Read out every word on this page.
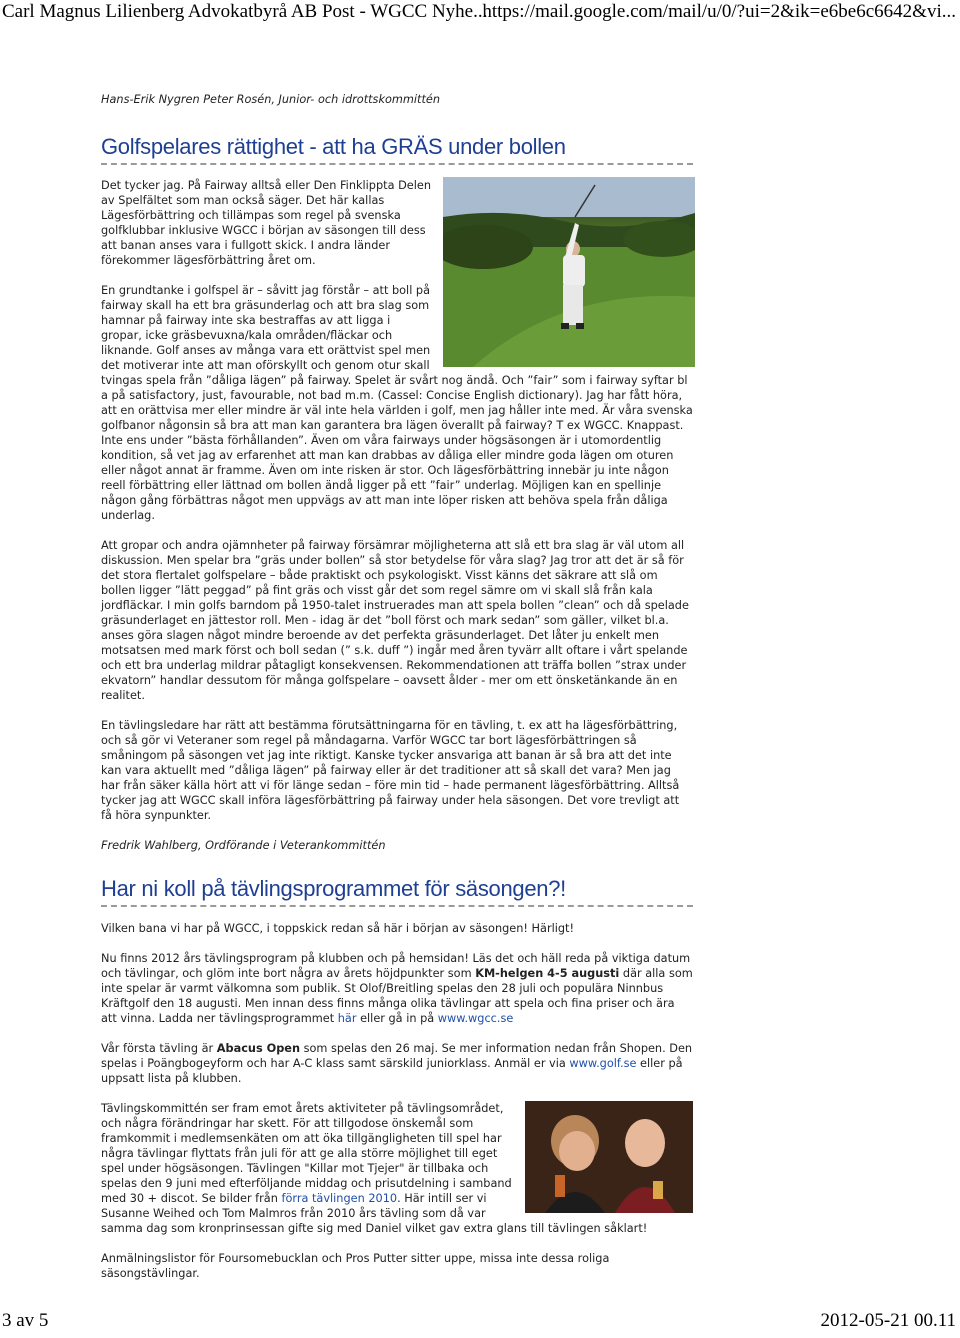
Carl Magnus Lilienberg Advokatbyrå AB Post - WGCC Nyhe...
https://mail.google.com/mail/u/0/?ui=2&ik=e6be6c6642&vi...

Hans-Erik Nygren Peter Rosén, Junior- och idrottskommittén

Golfspelares rättighet - att ha GRÄS under bollen

Det tycker jag. På Fairway alltså eller Den Finklippta Delen av Spelfältet som man också säger. Det här kallas Lägesförbättring och tillämpas som regel på svenska golfklubbar inklusive WGCC i början av säsongen till dess att banan anses vara i fullgott skick. I andra länder förekommer lägesförbättring året om.

En grundtanke i golfspel är – såvitt jag förstår – att boll på fairway skall ha ett bra gräsunderlag och att bra slag som hamnar på fairway inte ska bestraffas av att ligga i gropar, icke gräsbevuxna/kala områden/fläckar och liknande. Golf anses av många vara ett orättvist spel men det motiverar inte att man oförskyllt och genom otur skall tvingas spela från ”dåliga lägen” på fairway. Spelet är svårt nog ändå. Och ”fair” som i fairway syftar bl a på satisfactory, just, favourable, not bad m.m. (Cassel: Concise English dictionary). Jag har fått höra, att en orättvisa mer eller mindre är väl inte hela världen i golf, men jag håller inte med. Är våra svenska golfbanor någonsin så bra att man kan garantera bra lägen överallt på fairway? T ex WGCC. Knappast. Inte ens under ”bästa förhållanden”. Även om våra fairways under högsäsongen är i utomordentlig kondition, så vet jag av erfarenhet att man kan drabbas av dåliga eller mindre goda lägen om oturen eller något annat är framme. Även om inte risken är stor. Och lägesförbättring innebär ju inte någon reell förbättring eller lättnad om bollen ändå ligger på ett ”fair” underlag. Möjligen kan en spellinje någon gång förbättras något men uppvägs av att man inte löper risken att behöva spela från dåliga underlag.

Att gropar och andra ojämnheter på fairway försämrar möjligheterna att slå ett bra slag är väl utom all diskussion. Men spelar bra ”gräs under bollen” så stor betydelse för våra slag? Jag tror att det är så för det stora flertalet golfspelare – både praktiskt och psykologiskt. Visst känns det säkrare att slå om bollen ligger ”lätt peggad” på fint gräs och visst går det som regel sämre om vi skall slå från kala jordfläckar. I min golfs barndom på 1950-talet instruerades man att spela bollen ”clean” och då spelade gräsunderlaget en jättestor roll. Men - idag är det ”boll först och mark sedan” som gäller, vilket bl.a. anses göra slagen något mindre beroende av det perfekta gräsunderlaget. Det låter ju enkelt men motsatsen med mark först och boll sedan (” s.k. duff ”) ingår med åren tyvärr allt oftare i vårt spelande och ett bra underlag mildrar påtagligt konsekvensen. Rekommendationen att träffa bollen ”strax under ekvatorn” handlar dessutom för många golfspelare – oavsett ålder - mer om ett önsketänkande än en realitet.

En tävlingsledare har rätt att bestämma förutsättningarna för en tävling, t. ex att ha lägesförbättring, och så gör vi Veteraner som regel på måndagarna. Varför WGCC tar bort lägesförbättringen så småningom på säsongen vet jag inte riktigt. Kanske tycker ansvariga att banan är så bra att det inte kan vara aktuellt med ”dåliga lägen” på fairway eller är det traditioner att så skall det vara? Men jag har från säker källa hört att vi för länge sedan – före min tid – hade permanent lägesförbättring. Alltså tycker jag att WGCC skall införa lägesförbättring på fairway under hela säsongen. Det vore trevligt att få höra synpunkter.

Fredrik Wahlberg, Ordförande i Veterankommittén

Har ni koll på tävlingsprogrammet för säsongen?!

Vilken bana vi har på WGCC, i toppskick redan så här i början av säsongen! Härligt!

Nu finns 2012 års tävlingsprogram på klubben och på hemsidan! Läs det och häll reda på viktiga datum och tävlingar, och glöm inte bort några av årets höjdpunkter som KM-helgen 4-5 augusti där alla som inte spelar är varmt välkomna som publik. St Olof/Breitling spelas den 28 juli och populära Ninnbus Kräftgolf den 18 augusti. Men innan dess finns många olika tävlingar att spela och fina priser och ära att vinna. Ladda ner tävlingsprogrammet här eller gå in på www.wgcc.se

Vår första tävling är Abacus Open som spelas den 26 maj. Se mer information nedan från Shopen. Den spelas i Poängbogeyform och har A-C klass samt särskild juniorklass. Anmäl er via www.golf.se eller på uppsatt lista på klubben.

Tävlingskommittén ser fram emot årets aktiviteter på tävlingsområdet, och några förändringar har skett. För att tillgodose önskemål som framkommit i medlemsenkäten om att öka tillgängligheten till spel har några tävlingar flyttats från juli för att ge alla större möjlighet till eget spel under högsäsongen. Tävlingen "Killar mot Tjejer" är tillbaka och spelas den 9 juni med efterföljande middag och prisutdelning i samband med 30 + discot. Se bilder från förra tävlingen 2010. Här intill ser vi Susanne Weihed och Tom Malmros från 2010 års tävling som då var samma dag som kronprinsessan gifte sig med Daniel vilket gav extra glans till tävlingen såklart!

Anmälningslistor för Foursomebucklan och Pros Putter sitter uppe, missa inte dessa roliga säsongstävlingar.

3 av 5	2012-05-21 00.11
